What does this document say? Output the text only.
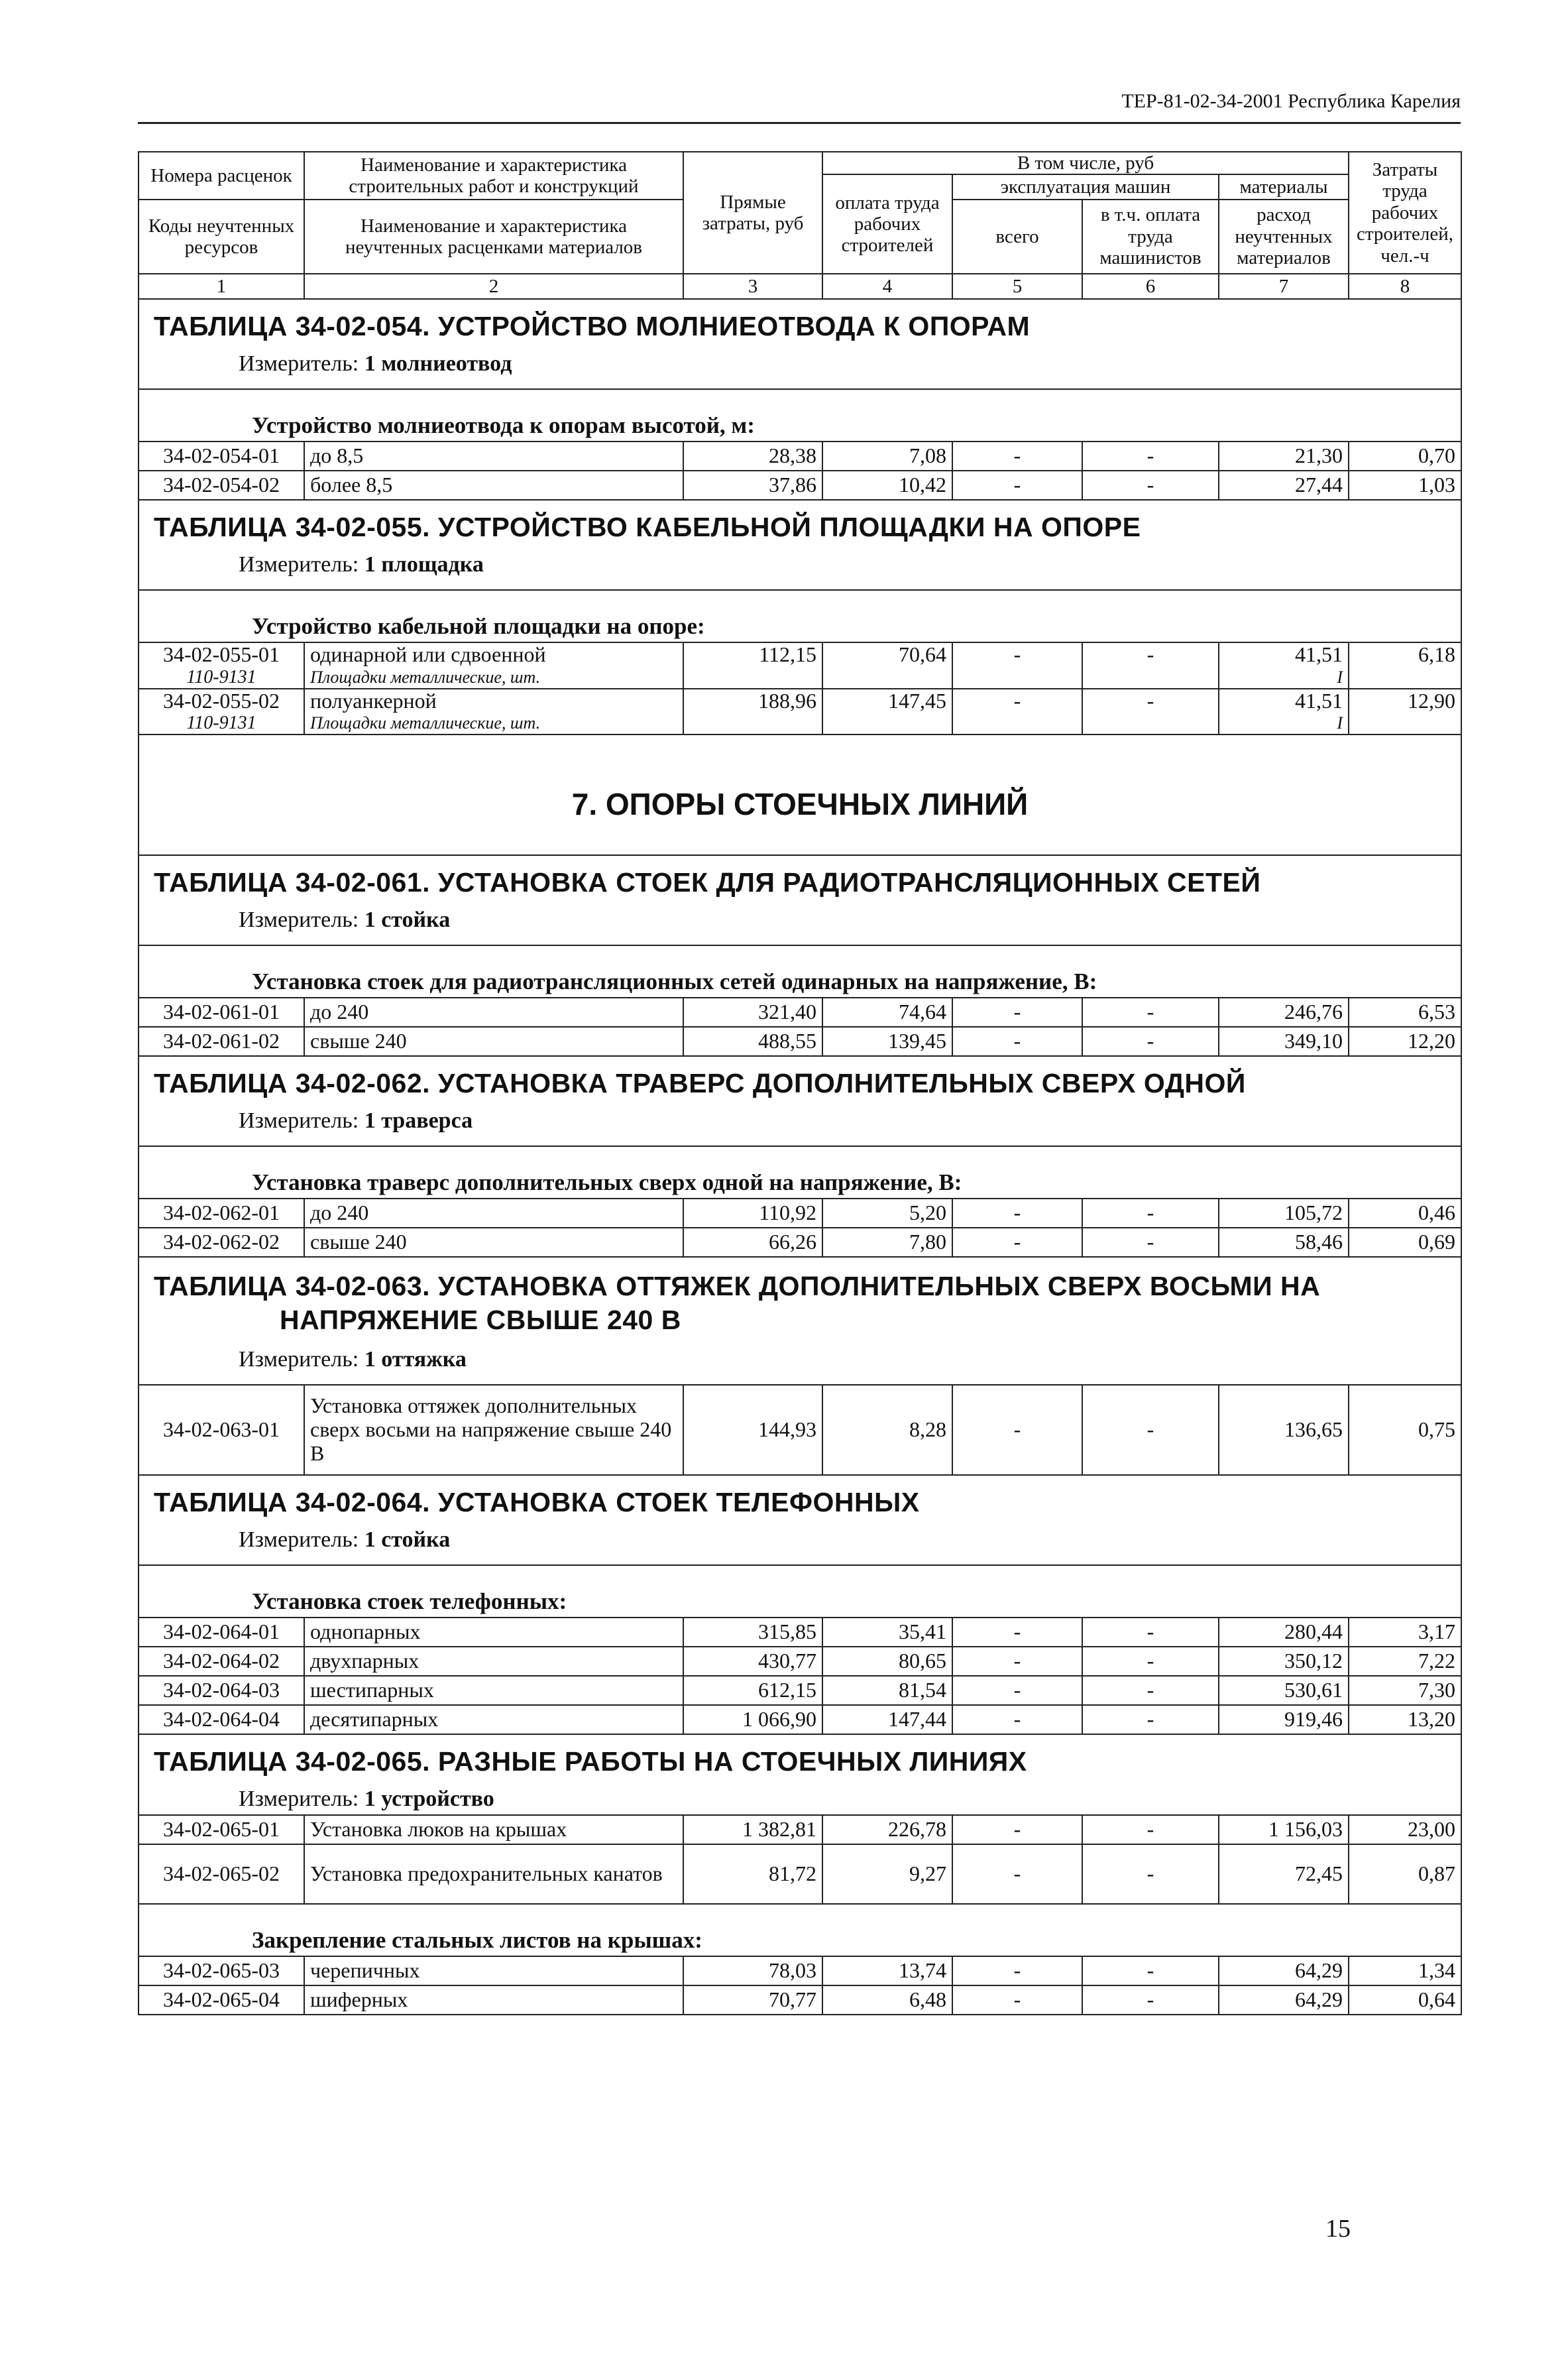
ТЕР-81-02-34-2001 Республика Карелия
Номера расценок	Наименование и характеристика строительных работ и конструкций	Прямые затраты, руб	В том числе, руб				Затраты труда рабочих строителей, чел.-ч
			оплата труда рабочих строителей	эксплуатация машин		материалы	
Коды неучтенных ресурсов	Наименование и характеристика неучтенных расценками материалов			всего	в т.ч. оплата труда машинистов	расход неучтенных материалов	

1	2	3	4	5	6	7	8
ТАБЛИЦА 34-02-054. УСТРОЙСТВО МОЛНИЕОТВОДА К ОПОРАМ							
Измеритель: 1 молниеотвод							
Устройство молниеотвода к опорам высотой, м:							
34-02-054-01	до 8,5	28,38	7,08	-	-	21,30	0,70
34-02-054-02	более 8,5	37,86	10,42	-	-	27,44	1,03
ТАБЛИЦА 34-02-055. УСТРОЙСТВО КАБЕЛЬНОЙ ПЛОЩАДКИ НА ОПОРЕ							
Измеритель: 1 площадка							
Устройство кабельной площадки на опоре:							
34-02-055-01	одинарной или сдвоенной	112,15	70,64	-	-	41,51	6,18
110-9131	Площадки металлические, шт.					I	
34-02-055-02	полуанкерной	188,96	147,45	-	-	41,51	12,90
110-9131	Площадки металлические, шт.					I	
7. ОПОРЫ СТОЕЧНЫХ ЛИНИЙ							
ТАБЛИЦА 34-02-061. УСТАНОВКА СТОЕК ДЛЯ РАДИОТРАНСЛЯЦИОННЫХ СЕТЕЙ							
Измеритель: 1 стойка							
Установка стоек для радиотрансляционных сетей одинарных на напряжение, В:							
34-02-061-01	до 240	321,40	74,64	-	-	246,76	6,53
34-02-061-02	свыше 240	488,55	139,45	-	-	349,10	12,20
ТАБЛИЦА 34-02-062. УСТАНОВКА ТРАВЕРС ДОПОЛНИТЕЛЬНЫХ СВЕРХ ОДНОЙ							
Измеритель: 1 траверса							
Установка траверс дополнительных сверх одной на напряжение, В:							
34-02-062-01	до 240	110,92	5,20	-	-	105,72	0,46
34-02-062-02	свыше 240	66,26	7,80	-	-	58,46	0,69
ТАБЛИЦА 34-02-063. УСТАНОВКА ОТТЯЖЕК ДОПОЛНИТЕЛЬНЫХ СВЕРХ ВОСЬМИ НА
НАПРЯЖЕНИЕ СВЫШЕ 240 В							
Измеритель: 1 оттяжка							
34-02-063-01	Установка оттяжек дополнительных сверх восьми на напряжение свыше 240 В	144,93	8,28	-	-	136,65	0,75
ТАБЛИЦА 34-02-064. УСТАНОВКА СТОЕК ТЕЛЕФОННЫХ							
Измеритель: 1 стойка							
Установка стоек телефонных:							
34-02-064-01	однопарных	315,85	35,41	-	-	280,44	3,17
34-02-064-02	двухпарных	430,77	80,65	-	-	350,12	7,22
34-02-064-03	шестипарных	612,15	81,54	-	-	530,61	7,30
34-02-064-04	десятипарных	1 066,90	147,44	-	-	919,46	13,20
ТАБЛИЦА 34-02-065. РАЗНЫЕ РАБОТЫ НА СТОЕЧНЫХ ЛИНИЯХ							
Измеритель: 1 устройство							
34-02-065-01	Установка люков на крышах	1 382,81	226,78	-	-	1 156,03	23,00
34-02-065-02	Установка предохранительных канатов	81,72	9,27	-	-	72,45	0,87
Закрепление стальных листов на крышах:							
34-02-065-03	черепичных	78,03	13,74	-	-	64,29	1,34
34-02-065-04	шиферных	70,77	6,48	-	-	64,29	0,64
15
